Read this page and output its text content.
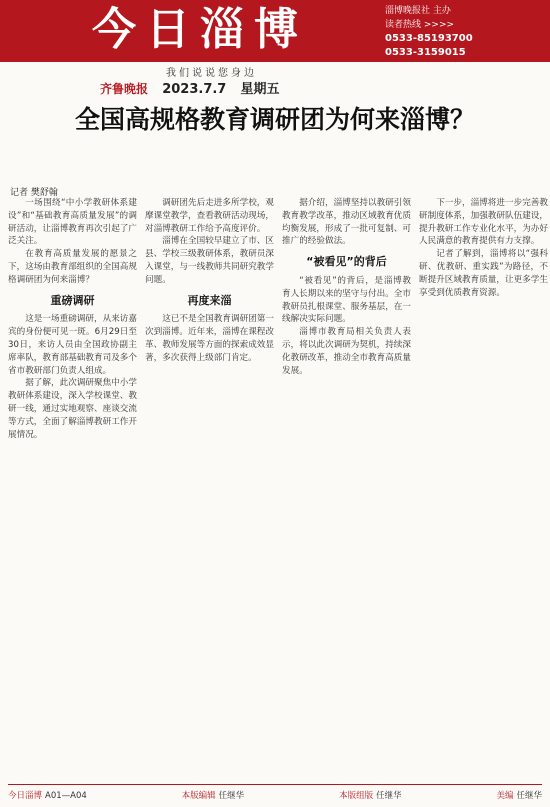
今日淄博	淄博晚报社 主办
读者热线 >>>>
0533-85193700
0533-3159015
我们说说您身边
齐鲁晚报 2023.7.7 星期五
全国高规格教育调研团为何来淄博？
记者 樊舒翰

一场围绕“中小学教研体系建设”和“基础教育高质量发展”的调研活动，让淄博教育再次引起了广泛关注。

在教育高质量发展的愿景之下，这场由教育部组织的全国高规格调研团为何来淄博？

重磅调研

这是一场重磅调研，从来访嘉宾的身份便可见一斑。6月29日至30日，来访人员由全国政协副主席率队，教育部基础教育司及多个省市教研部门负责人组成。

据了解，此次调研聚焦中小学教研体系建设，深入学校课堂、教研一线，通过实地观察、座谈交流等方式，全面了解淄博教研工作开展情况。

调研团先后走进多所学校，观摩课堂教学，查看教研活动现场，对淄博教研工作给予高度评价。

淄博在全国较早建立了市、区县、学校三级教研体系，教研员深入课堂，与一线教师共同研究教学问题。

再度来淄

这已不是全国教育调研团第一次到淄博。近年来，淄博在课程改革、教师发展等方面的探索成效显著，多次获得上级部门肯定。

据介绍，淄博坚持以教研引领教育教学改革，推动区域教育优质均衡发展，形成了一批可复制、可推广的经验做法。

“被看见”的背后

“被看见”的背后，是淄博教育人长期以来的坚守与付出。全市教研员扎根课堂、服务基层，在一线解决实际问题。

淄博市教育局相关负责人表示，将以此次调研为契机，持续深化教研改革，推动全市教育高质量发展。

下一步，淄博将进一步完善教研制度体系，加强教研队伍建设，提升教研工作专业化水平，为办好人民满意的教育提供有力支撑。

记者了解到，淄博将以“强科研、优教研、重实践”为路径，不断提升区域教育质量，让更多学生享受到优质教育资源。

今日淄博 A01—A04	本版编辑 任继华	本版组版 任继华	美编 任继华
